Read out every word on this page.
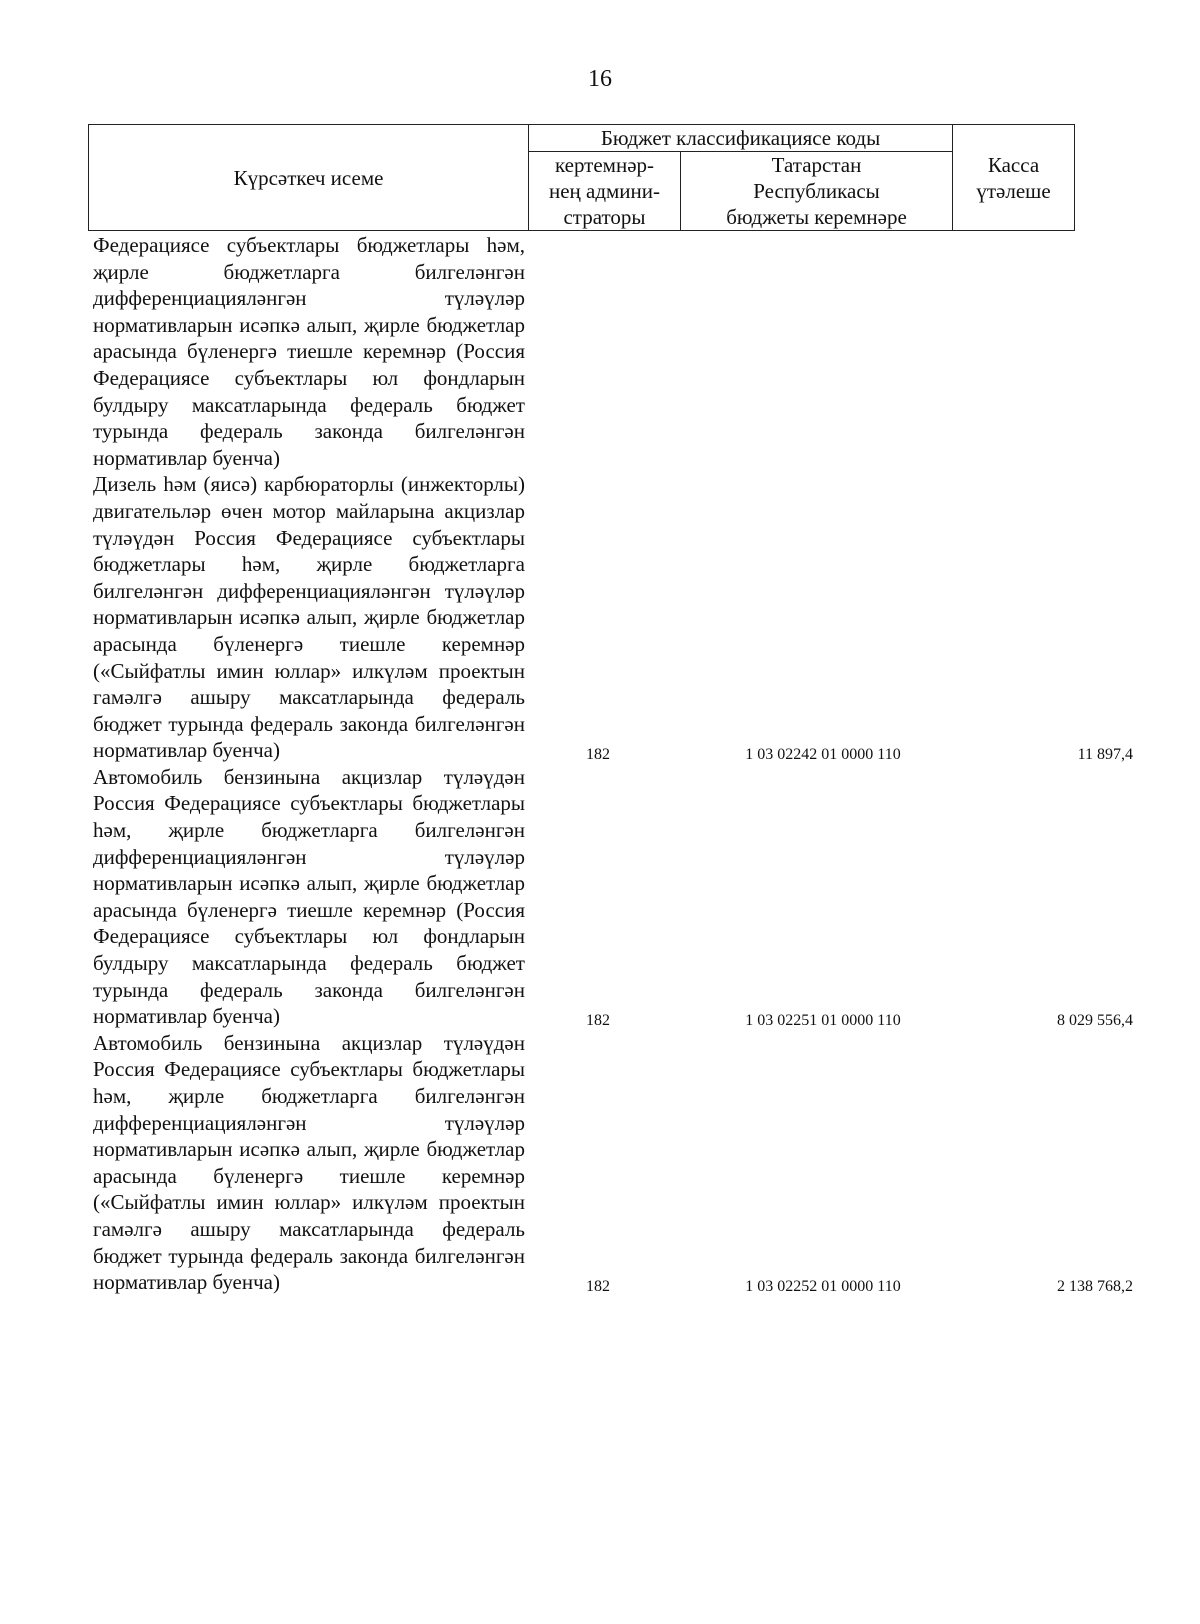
16
Күрсәткеч исеме	Бюджет классификациясе коды		Касса
үтәлеше
	кертемнәр-
нең админи-
страторы	Татарстан
Республикасы
бюджеты керемнәре	
Федерациясе субъектлары бюджетлары һәм, җирле бюджетларга билгеләнгән дифференциацияләнгән түләүләр нормативларын исәпкә алып, җирле бюджетлар арасында бүленергә тиешле керемнәр (Россия Федерациясе субъектлары юл фондларын булдыру максатларында федераль бюджет турында федераль законда билгеләнгән нормативлар буенча)
Дизель һәм (яисә) карбюраторлы (инжекторлы) двигательләр өчен мотор майларына акцизлар түләүдән Россия Федерациясе субъектлары бюджетлары һәм, җирле бюджетларга билгеләнгән дифференциацияләнгән түләүләр нормативларын исәпкә алып, җирле бюджетлар арасында бүленергә тиешле керемнәр («Сыйфатлы имин юллар» илкүләм проектын гамәлгә ашыру максатларында федераль бюджет турында федераль законда билгеләнгән нормативлар буенча)	182	1 03 02242 01 0000 110	11 897,4
Автомобиль бензинына акцизлар түләүдән Россия Федерациясе субъектлары бюджетлары һәм, җирле бюджетларга билгеләнгән дифференциацияләнгән түләүләр нормативларын исәпкә алып, җирле бюджетлар арасында бүленергә тиешле керемнәр (Россия Федерациясе субъектлары юл фондларын булдыру максатларында федераль бюджет турында федераль законда билгеләнгән нормативлар буенча)	182	1 03 02251 01 0000 110	8 029 556,4
Автомобиль бензинына акцизлар түләүдән Россия Федерациясе субъектлары бюджетлары һәм, җирле бюджетларга билгеләнгән дифференциацияләнгән түләүләр нормативларын исәпкә алып, җирле бюджетлар арасында бүленергә тиешле керемнәр («Сыйфатлы имин юллар» илкүләм проектын гамәлгә ашыру максатларында федераль бюджет турында федераль законда билгеләнгән нормативлар буенча)	182	1 03 02252 01 0000 110	2 138 768,2
